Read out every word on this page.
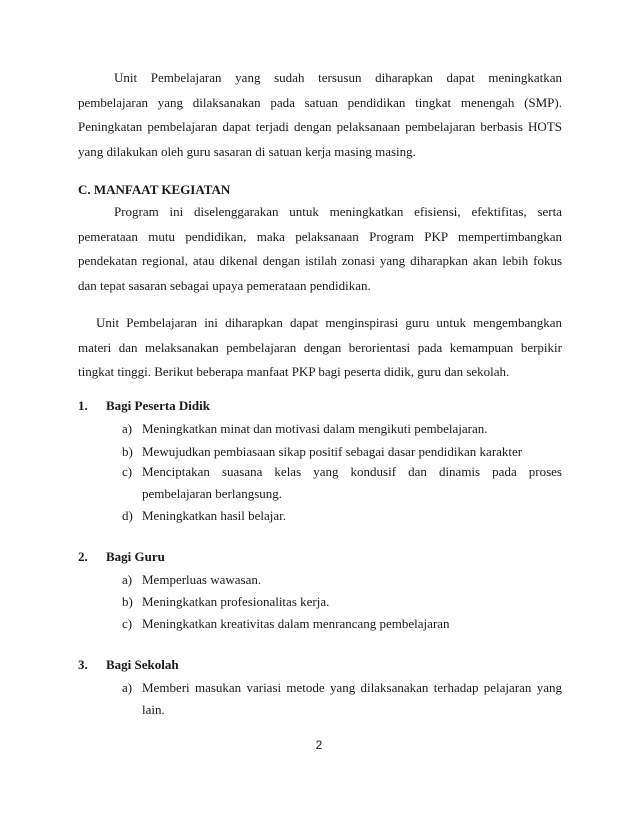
Unit Pembelajaran yang sudah tersusun diharapkan dapat meningkatkan pembelajaran yang dilaksanakan pada satuan pendidikan tingkat menengah (SMP). Peningkatan pembelajaran dapat terjadi dengan pelaksanaan pembelajaran berbasis HOTS yang dilakukan oleh guru sasaran di satuan kerja masing masing.

C. MANFAAT KEGIATAN

Program ini diselenggarakan untuk meningkatkan efisiensi, efektifitas, serta pemerataan mutu pendidikan, maka pelaksanaan Program PKP mempertimbangkan pendekatan regional, atau dikenal dengan istilah zonasi yang diharapkan akan lebih fokus dan tepat sasaran sebagai upaya pemerataan pendidikan.

Unit Pembelajaran ini diharapkan dapat menginspirasi guru untuk mengembangkan materi dan melaksanakan pembelajaran dengan berorientasi pada kemampuan berpikir tingkat tinggi. Berikut beberapa manfaat PKP bagi peserta didik, guru dan sekolah.

1. Bagi Peserta Didik
a) Meningkatkan minat dan motivasi dalam mengikuti pembelajaran.
b) Mewujudkan pembiasaan sikap positif sebagai dasar pendidikan karakter
c) Menciptakan suasana kelas yang kondusif dan dinamis pada proses pembelajaran berlangsung.
d) Meningkatkan hasil belajar.
2. Bagi Guru
a) Memperluas wawasan.
b) Meningkatkan profesionalitas kerja.
c) Meningkatkan kreativitas dalam menrancang pembelajaran
3. Bagi Sekolah
a) Memberi masukan variasi metode yang dilaksanakan terhadap pelajaran yang lain.
2
